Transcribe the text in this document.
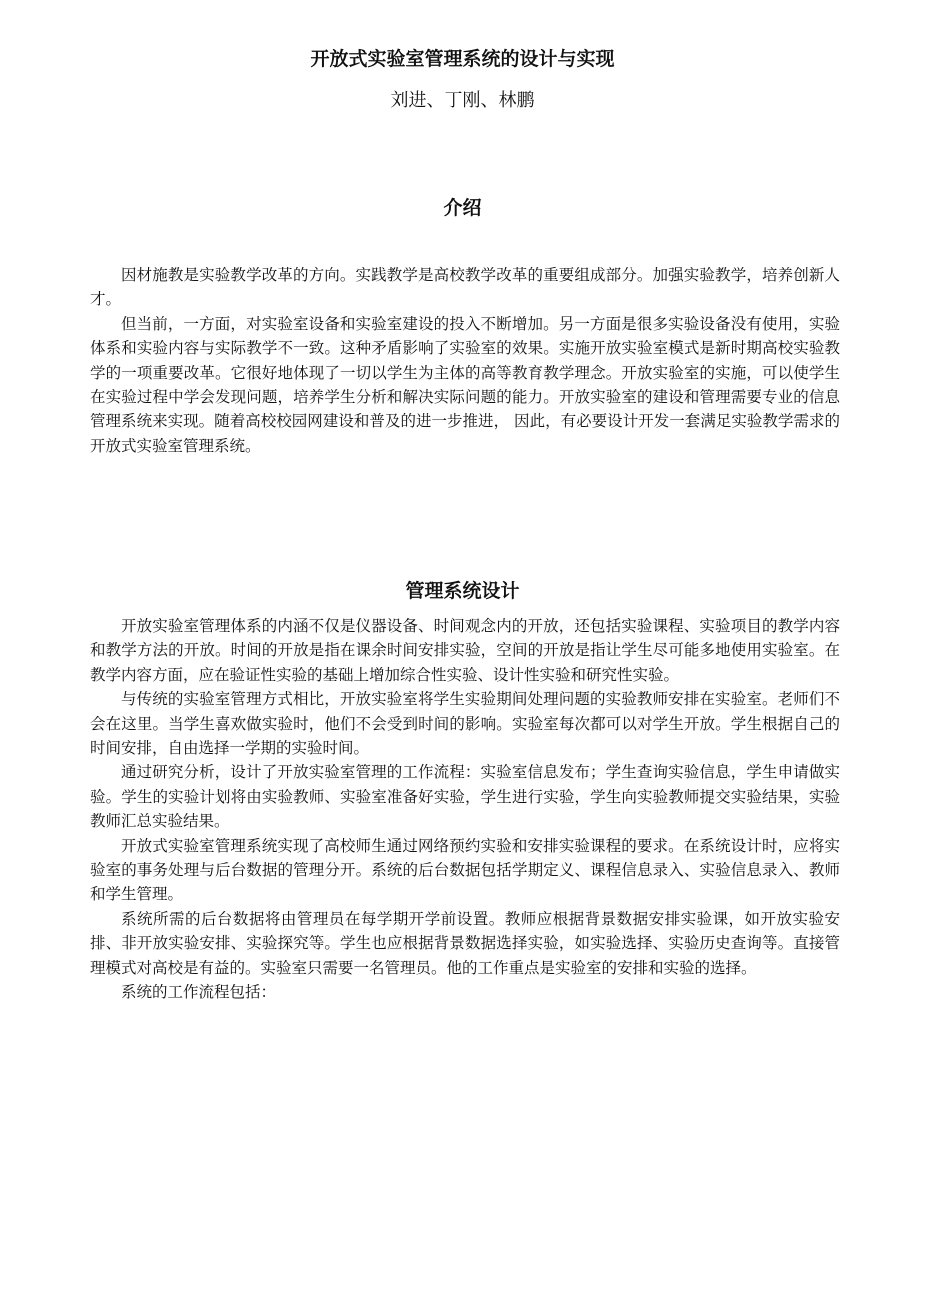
开放式实验室管理系统的设计与实现
刘进、丁刚、林鹏
介绍

因材施教是实验教学改革的方向。实践教学是高校教学改革的重要组成部分。加强实验教学，培养创新人才。

但当前，一方面，对实验室设备和实验室建设的投入不断增加。另一方面是很多实验设备没有使用，实验体系和实验内容与实际教学不一致。这种矛盾影响了实验室的效果。实施开放实验室模式是新时期高校实验教学的一项重要改革。它很好地体现了一切以学生为主体的高等教育教学理念。开放实验室的实施，可以使学生在实验过程中学会发现问题，培养学生分析和解决实际问题的能力。开放实验室的建设和管理需要专业的信息管理系统来实现。随着高校校园网建设和普及的进一步推进， 因此，有必要设计开发一套满足实验教学需求的开放式实验室管理系统。

管理系统设计

开放实验室管理体系的内涵不仅是仪器设备、时间观念内的开放，还包括实验课程、实验项目的教学内容和教学方法的开放。时间的开放是指在课余时间安排实验，空间的开放是指让学生尽可能多地使用实验室。在教学内容方面，应在验证性实验的基础上增加综合性实验、设计性实验和研究性实验。

与传统的实验室管理方式相比，开放实验室将学生实验期间处理问题的实验教师安排在实验室。老师们不会在这里。当学生喜欢做实验时，他们不会受到时间的影响。实验室每次都可以对学生开放。学生根据自己的时间安排，自由选择一学期的实验时间。

通过研究分析，设计了开放实验室管理的工作流程：实验室信息发布；学生查询实验信息，学生申请做实验。学生的实验计划将由实验教师、实验室准备好实验，学生进行实验，学生向实验教师提交实验结果，实验教师汇总实验结果。

开放式实验室管理系统实现了高校师生通过网络预约实验和安排实验课程的要求。在系统设计时，应将实验室的事务处理与后台数据的管理分开。系统的后台数据包括学期定义、课程信息录入、实验信息录入、教师和学生管理。

系统所需的后台数据将由管理员在每学期开学前设置。教师应根据背景数据安排实验课，如开放实验安排、非开放实验安排、实验探究等。学生也应根据背景数据选择实验，如实验选择、实验历史查询等。直接管理模式对高校是有益的。实验室只需要一名管理员。他的工作重点是实验室的安排和实验的选择。

系统的工作流程包括：
